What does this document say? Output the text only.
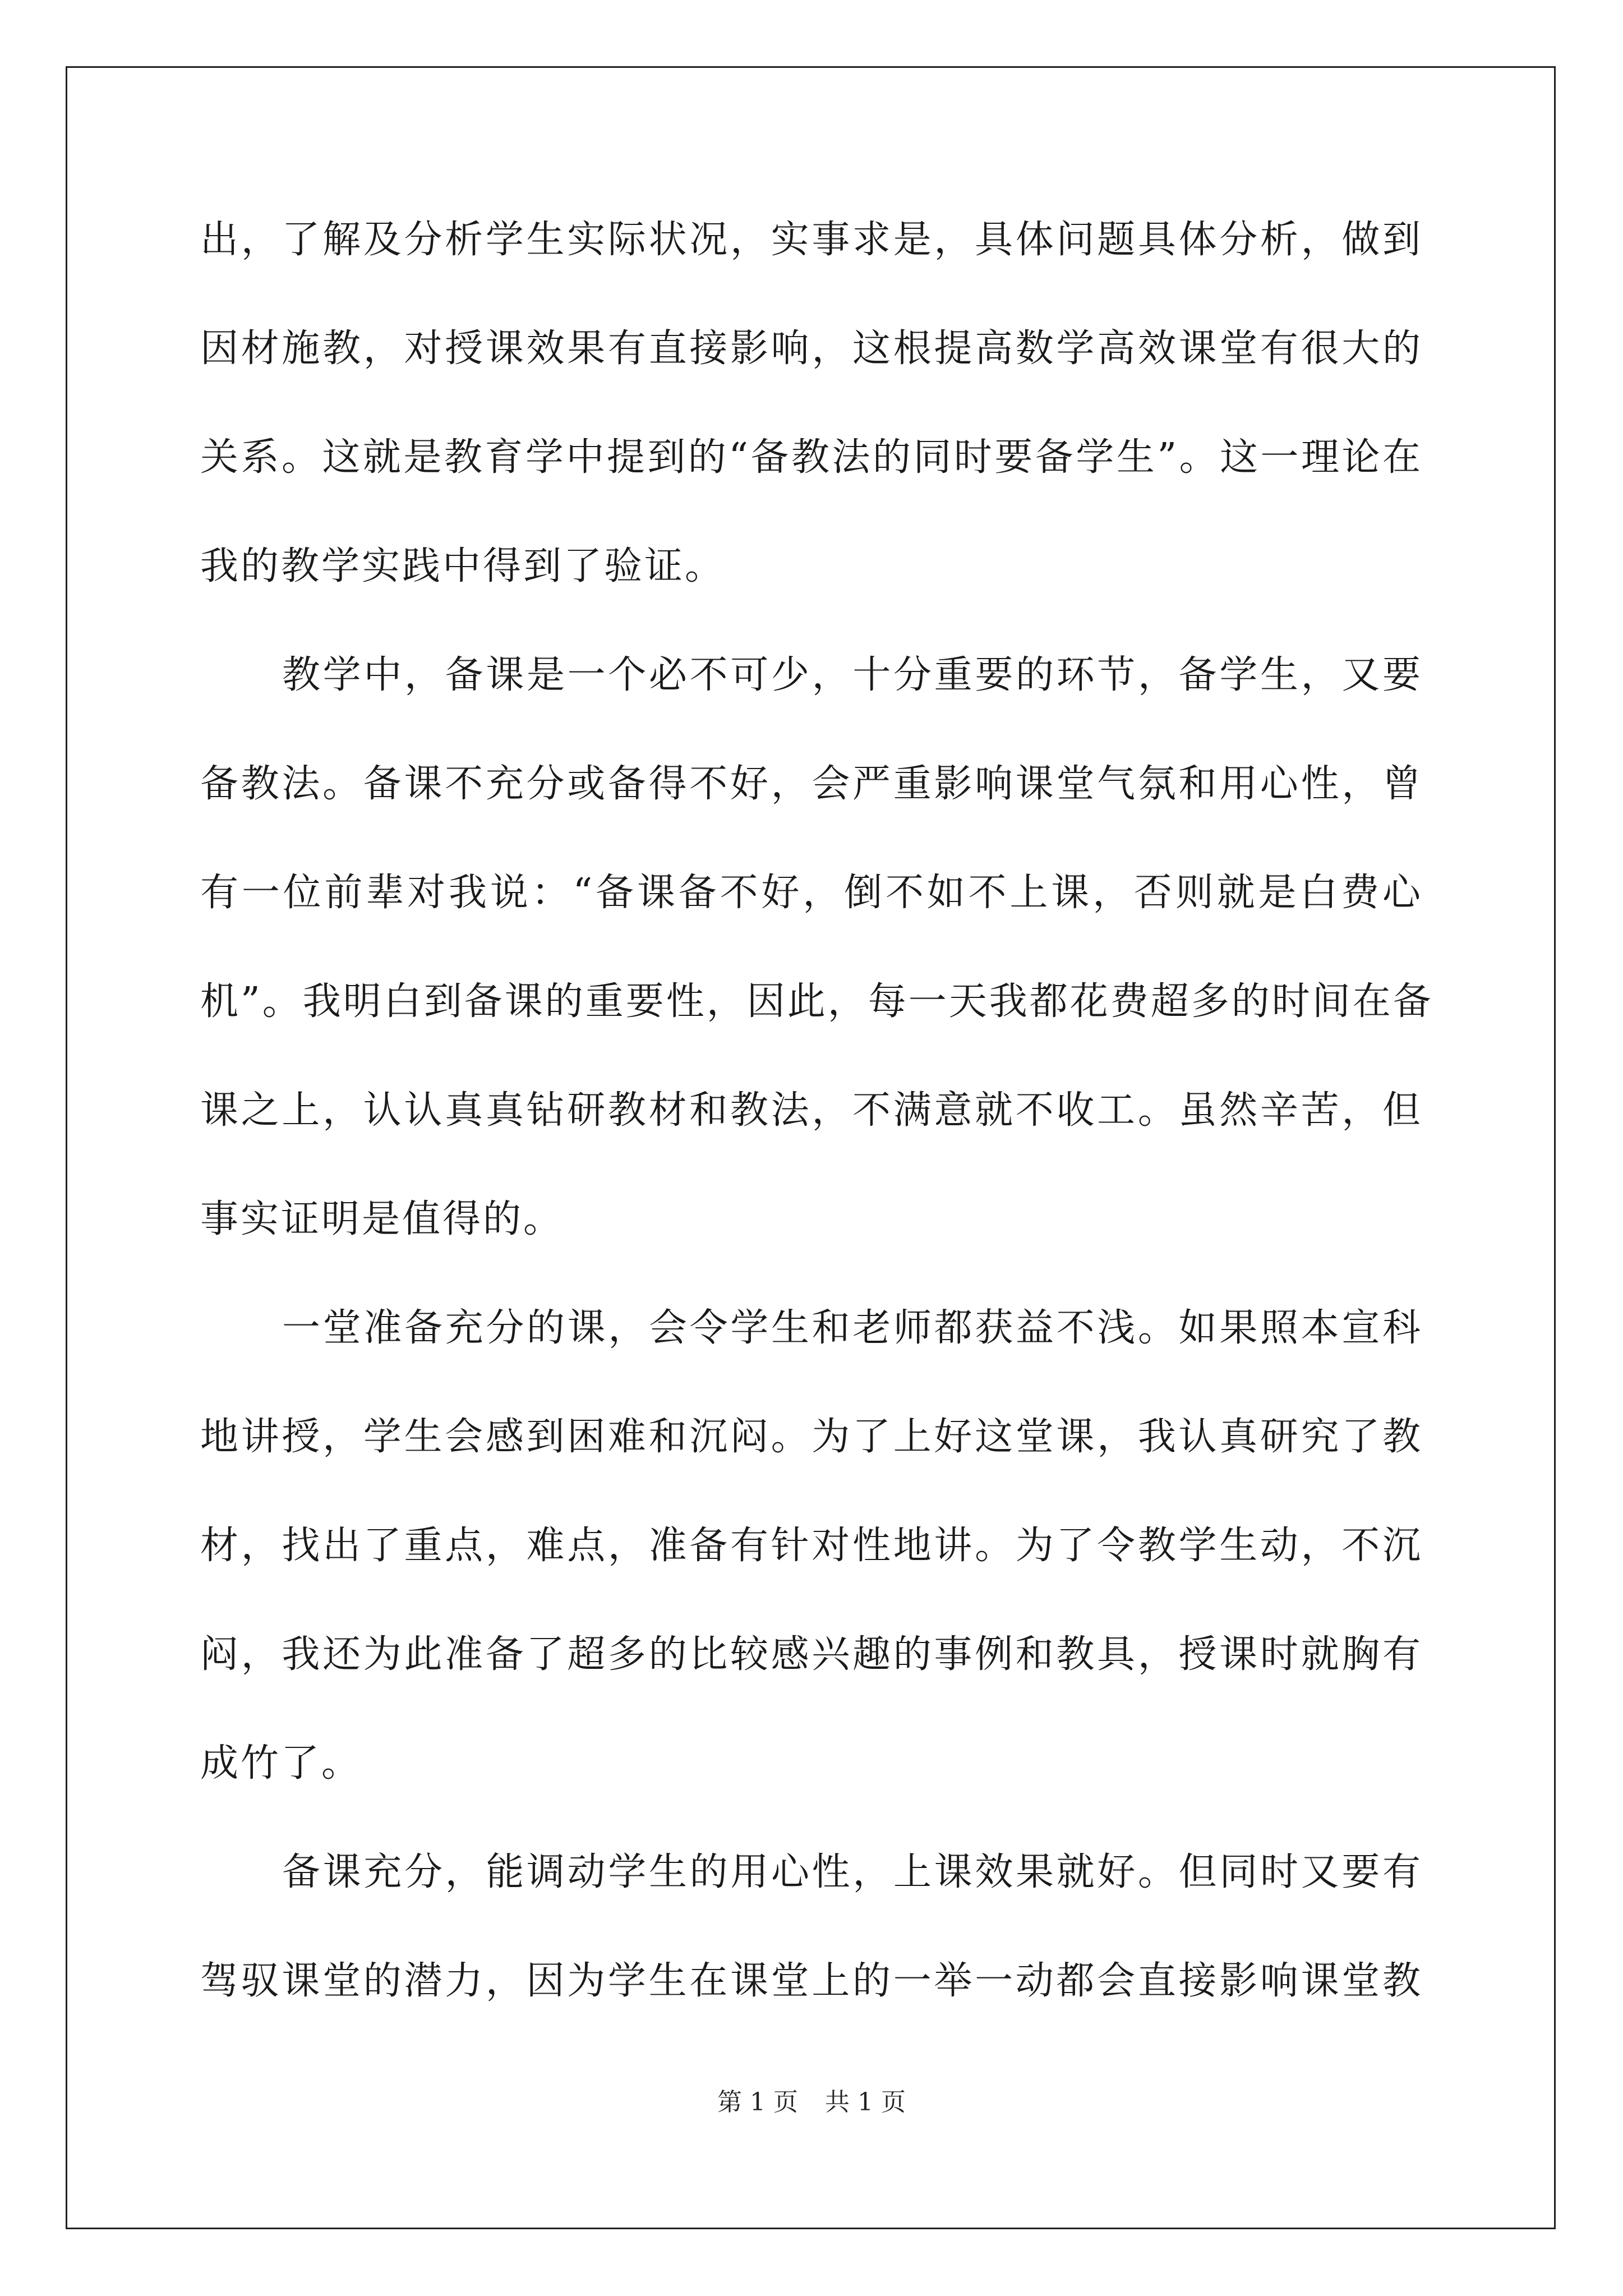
出，了解及分析学生实际状况，实事求是，具体问题具体分析，做到
因材施教，对授课效果有直接影响，这根提高数学高效课堂有很大的
关系。这就是教育学中提到的“备教法的同时要备学生”。这一理论在
我的教学实践中得到了验证。
教学中，备课是一个必不可少，十分重要的环节，备学生，又要
备教法。备课不充分或备得不好，会严重影响课堂气氛和用心性，曾
有一位前辈对我说：“备课备不好，倒不如不上课，否则就是白费心
机”。我明白到备课的重要性，因此，每一天我都花费超多的时间在备
课之上，认认真真钻研教材和教法，不满意就不收工。虽然辛苦，但
事实证明是值得的。
一堂准备充分的课，会令学生和老师都获益不浅。如果照本宣科
地讲授，学生会感到困难和沉闷。为了上好这堂课，我认真研究了教
材，找出了重点，难点，准备有针对性地讲。为了令教学生动，不沉
闷，我还为此准备了超多的比较感兴趣的事例和教具，授课时就胸有
成竹了。
备课充分，能调动学生的用心性，上课效果就好。但同时又要有
驾驭课堂的潜力，因为学生在课堂上的一举一动都会直接影响课堂教
第 1 页 共 1 页
